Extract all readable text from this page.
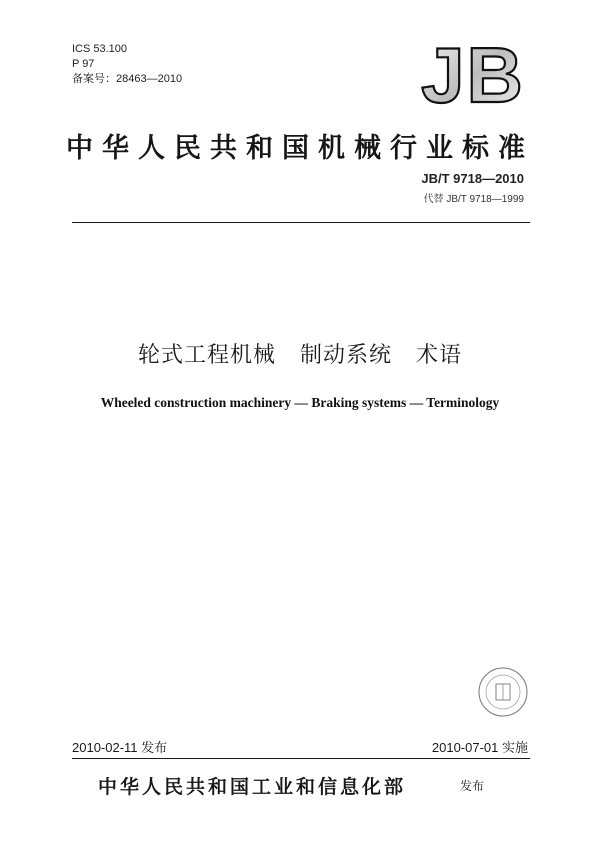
ICS 53.100
P 97
备案号：28463—2010	JB
中华人民共和国机械行业标准
JB/T 9718—2010
代替 JB/T 9718—1999
轮式工程机械   制动系统   术语
Wheeled construction machinery — Braking systems — Terminology
2010-02-11 发布	2010-07-01 实施
中华人民共和国工业和信息化部	发布
